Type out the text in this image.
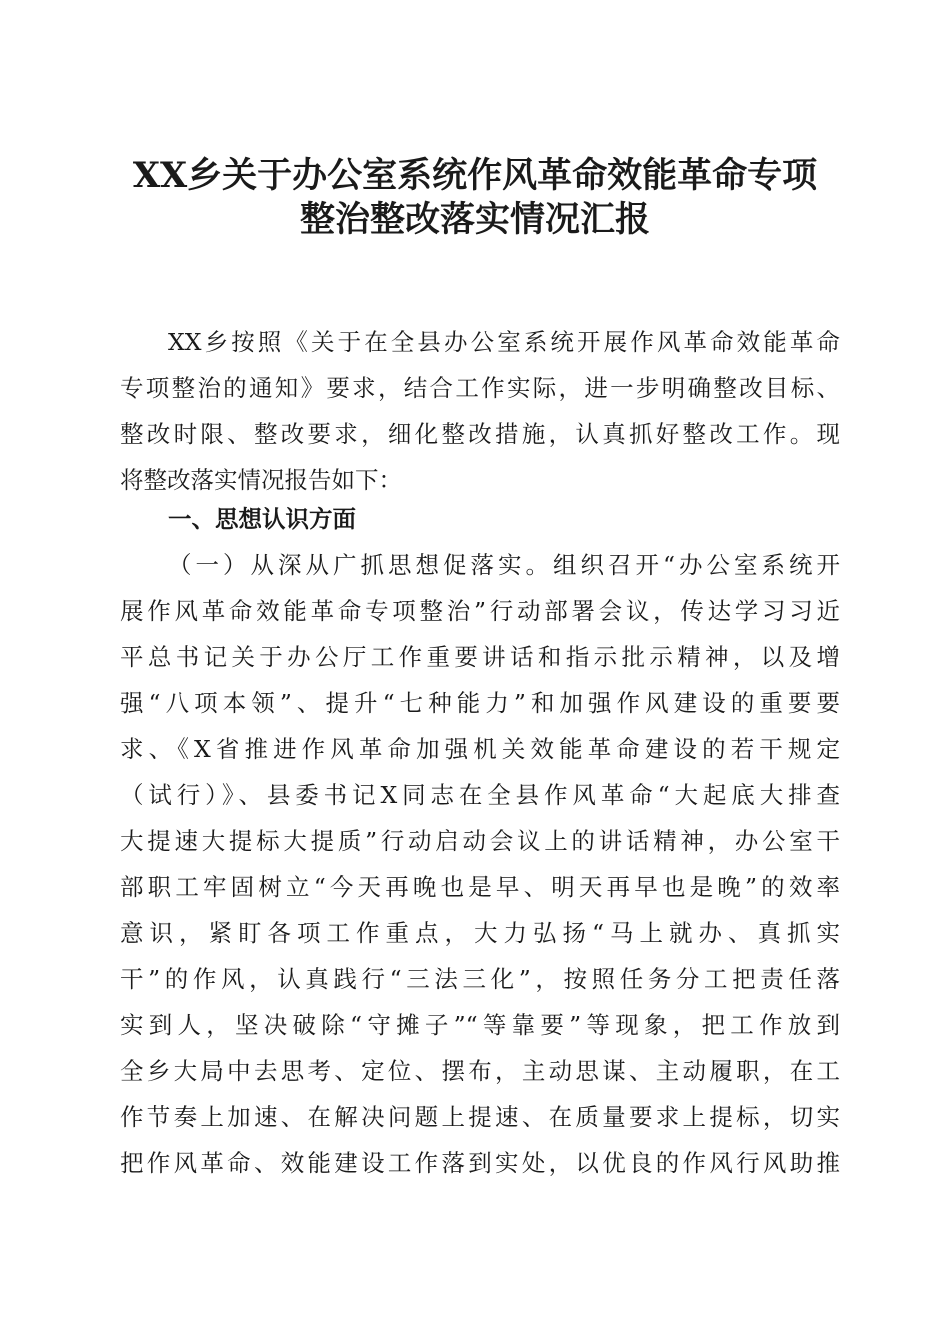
XX乡关于办公室系统作风革命效能革命专项
整治整改落实情况汇报
XX乡按照《关于在全县办公室系统开展作风革命效能革命
专项整治的通知》要求，结合工作实际，进一步明确整改目标、
整改时限、整改要求，细化整改措施，认真抓好整改工作。现
将整改落实情况报告如下：
一、思想认识方面
（一）从深从广抓思想促落实。组织召开“办公室系统开
展作风革命效能革命专项整治”行动部署会议，传达学习习近
平总书记关于办公厅工作重要讲话和指示批示精神，以及增
强“八项本领”、提升“七种能力”和加强作风建设的重要要
求、《X省推进作风革命加强机关效能革命建设的若干规定
（试行）》、县委书记X同志在全县作风革命“大起底大排查
大提速大提标大提质”行动启动会议上的讲话精神，办公室干
部职工牢固树立“今天再晚也是早、明天再早也是晚”的效率
意识，紧盯各项工作重点，大力弘扬“马上就办、真抓实
干”的作风，认真践行“三法三化”，按照任务分工把责任落
实到人，坚决破除“守摊子”“等靠要”等现象，把工作放到
全乡大局中去思考、定位、摆布，主动思谋、主动履职，在工
作节奏上加速、在解决问题上提速、在质量要求上提标，切实
把作风革命、效能建设工作落到实处，以优良的作风行风助推
